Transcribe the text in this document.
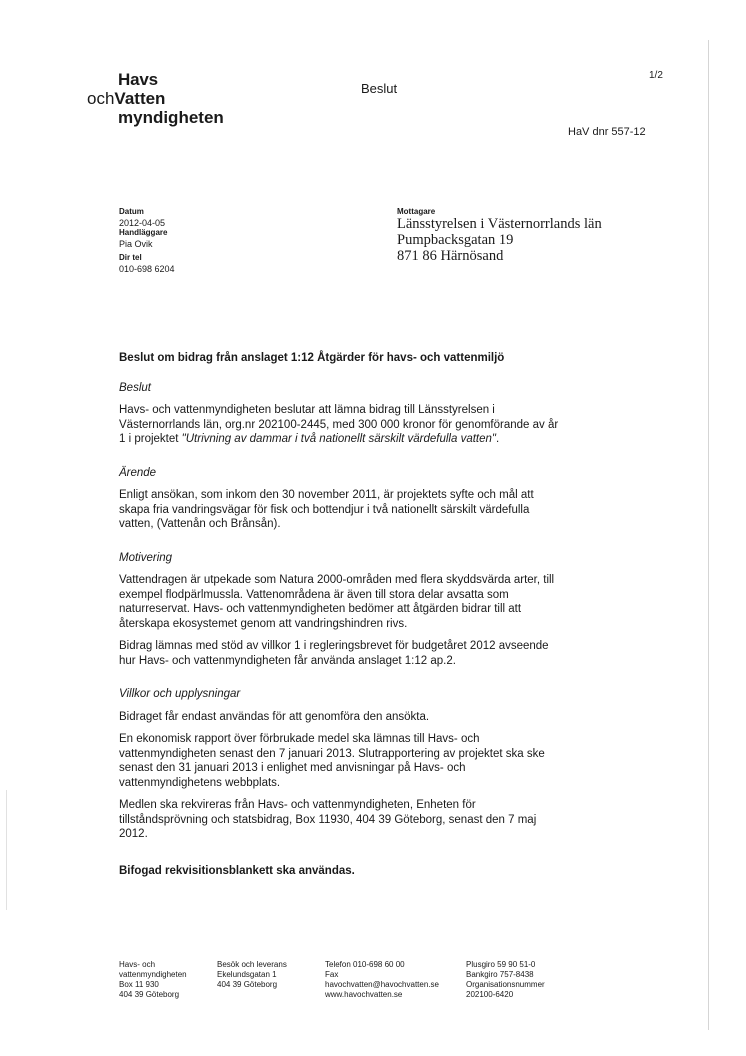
Havs
ochVatten
myndigheten
Beslut
1/2
HaV dnr 557-12
Datum
2012-04-05
Handläggare
Pia Ovik
Dir tel
010-698 6204
Mottagare
Länsstyrelsen i Västernorrlands län
Pumpbacksgatan 19
871 86 Härnösand
Beslut om bidrag från anslaget 1:12 Åtgärder för havs- och vattenmiljö
Beslut

Havs- och vattenmyndigheten beslutar att lämna bidrag till Länsstyrelsen i Västernorrlands län, org.nr 202100-2445, med 300 000 kronor för genomförande av år 1 i projektet "Utrivning av dammar i två nationellt särskilt värdefulla vatten".

Ärende

Enligt ansökan, som inkom den 30 november 2011, är projektets syfte och mål att skapa fria vandringsvägar för fisk och bottendjur i två nationellt särskilt värdefulla vatten, (Vattenån och Brånsån).

Motivering

Vattendragen är utpekade som Natura 2000-områden med flera skyddsvärda arter, till exempel flodpärlmussla. Vattenområdena är även till stora delar avsatta som naturreservat. Havs- och vattenmyndigheten bedömer att åtgärden bidrar till att återskapa ekosystemet genom att vandringshindren rivs.

Bidrag lämnas med stöd av villkor 1 i regleringsbrevet för budgetåret 2012 avseende hur Havs- och vattenmyndigheten får använda anslaget 1:12 ap.2.

Villkor och upplysningar

Bidraget får endast användas för att genomföra den ansökta.

En ekonomisk rapport över förbrukade medel ska lämnas till Havs- och vattenmyndigheten senast den 7 januari 2013. Slutrapportering av projektet ska ske senast den 31 januari 2013 i enlighet med anvisningar på Havs- och vattenmyndighetens webbplats.

Medlen ska rekvireras från Havs- och vattenmyndigheten, Enheten för tillståndsprövning och statsbidrag, Box 11930, 404 39 Göteborg, senast den 7 maj 2012.

Bifogad rekvisitionsblankett ska användas.
Havs- och
vattenmyndigheten
Box 11 930
404 39 Göteborg
Besök och leverans
Ekelundsgatan 1
404 39 Göteborg
Telefon 010-698 60 00
Fax
havochvatten@havochvatten.se
www.havochvatten.se
Plusgiro 59 90 51-0
Bankgiro 757-8438
Organisationsnummer
202100-6420
